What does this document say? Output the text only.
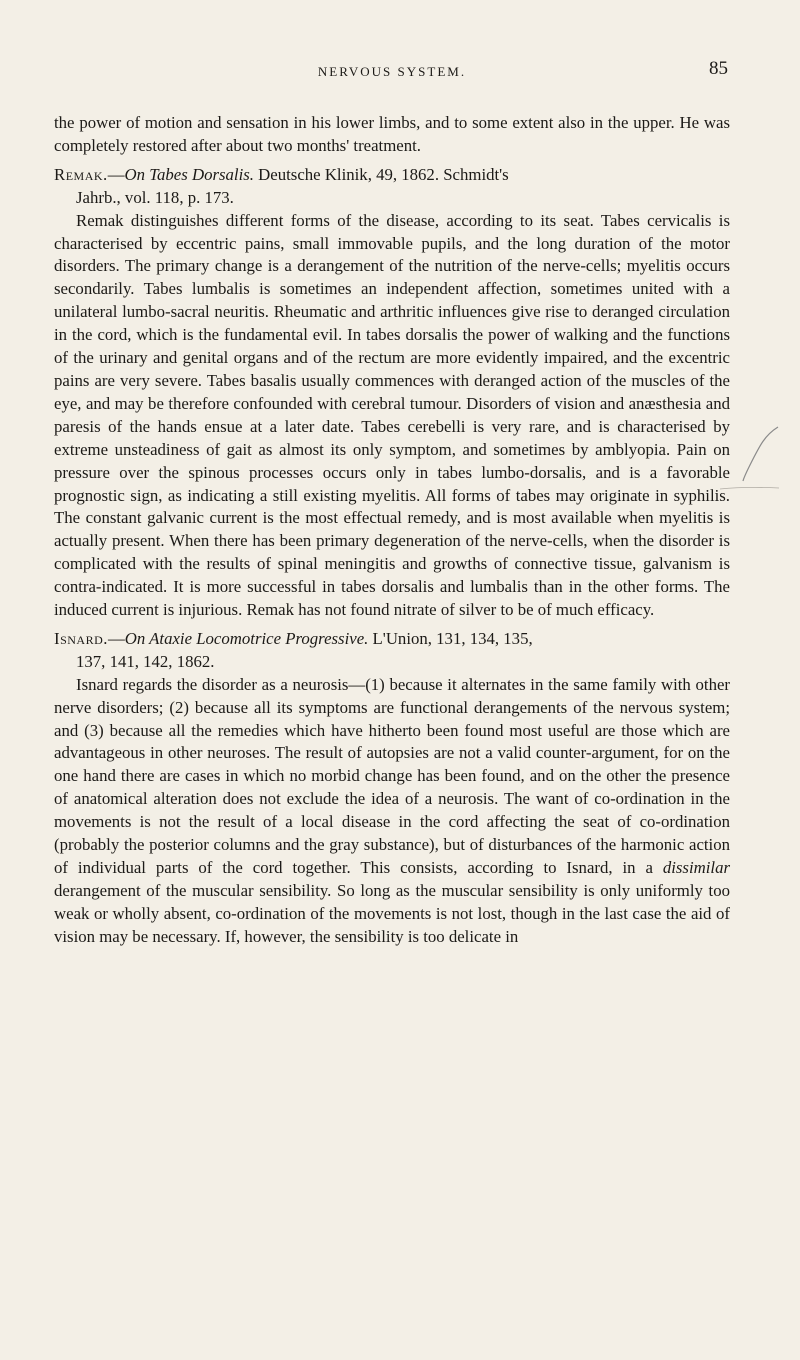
NERVOUS SYSTEM.	85

the power of motion and sensation in his lower limbs, and to some extent also in the upper. He was completely restored after about two months' treatment.

Remak.—On Tabes Dorsalis. Deutsche Klinik, 49, 1862. Schmidt's

Jahrb., vol. 118, p. 173.

Remak distinguishes different forms of the disease, according to its seat. Tabes cervicalis is characterised by eccentric pains, small immovable pupils, and the long duration of the motor disorders. The primary change is a derangement of the nutrition of the nerve-cells; myelitis occurs secondarily. Tabes lumbalis is sometimes an independent affection, sometimes united with a unilateral lumbo-sacral neuritis. Rheumatic and arthritic influences give rise to deranged circulation in the cord, which is the fundamental evil. In tabes dorsalis the power of walking and the functions of the urinary and genital organs and of the rectum are more evidently impaired, and the excentric pains are very severe. Tabes basalis usually commences with deranged action of the muscles of the eye, and may be therefore confounded with cerebral tumour. Disorders of vision and anæsthesia and paresis of the hands ensue at a later date. Tabes cerebelli is very rare, and is characterised by extreme unsteadiness of gait as almost its only symptom, and sometimes by amblyopia. Pain on pressure over the spinous processes occurs only in tabes lumbo-dorsalis, and is a favorable prognostic sign, as indicating a still existing myelitis. All forms of tabes may originate in syphilis. The constant galvanic current is the most effectual remedy, and is most available when myelitis is actually present. When there has been primary degeneration of the nerve-cells, when the disorder is complicated with the results of spinal meningitis and growths of connective tissue, galvanism is contra-indicated. It is more successful in tabes dorsalis and lumbalis than in the other forms. The induced current is injurious. Remak has not found nitrate of silver to be of much efficacy.

Isnard.—On Ataxie Locomotrice Progressive. L'Union, 131, 134, 135,

137, 141, 142, 1862.

Isnard regards the disorder as a neurosis—(1) because it alternates in the same family with other nerve disorders; (2) because all its symptoms are functional derangements of the nervous system; and (3) because all the remedies which have hitherto been found most useful are those which are advantageous in other neuroses. The result of autopsies are not a valid counter-argument, for on the one hand there are cases in which no morbid change has been found, and on the other the presence of anatomical alteration does not exclude the idea of a neurosis. The want of co-ordination in the movements is not the result of a local disease in the cord affecting the seat of co-ordination (probably the posterior columns and the gray substance), but of disturbances of the harmonic action of individual parts of the cord together. This consists, according to Isnard, in a dissimilar derangement of the muscular sensibility. So long as the muscular sensibility is only uniformly too weak or wholly absent, co-ordination of the movements is not lost, though in the last case the aid of vision may be necessary. If, however, the sensibility is too delicate in
